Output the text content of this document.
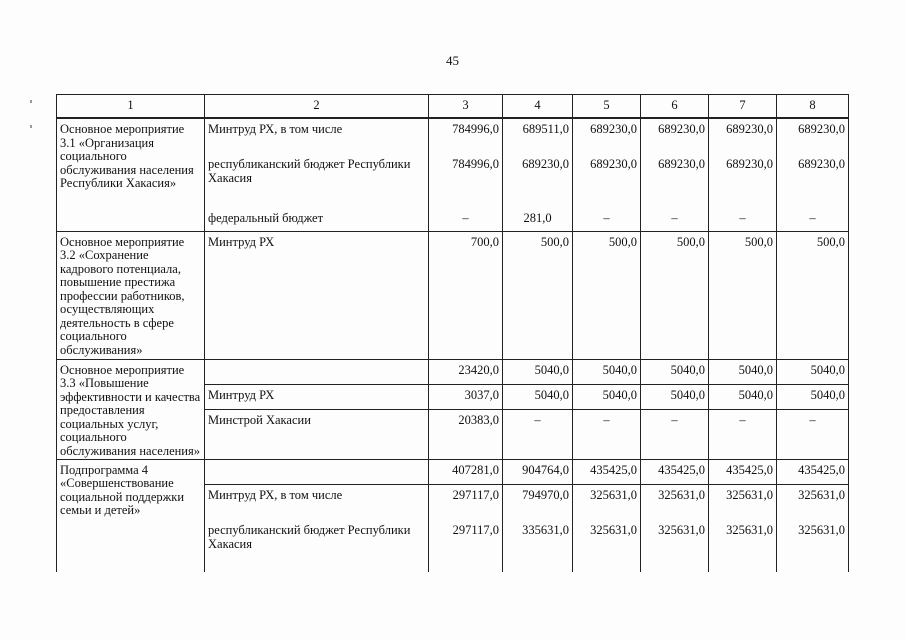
45
1	2	3	4	5	6	7	8
Основное мероприятие 3.1 «Организация социального обслуживания населения Республики Хакасия»	Минтруд РХ, в том числе	784996,0	689511,0	689230,0	689230,0	689230,0	689230,0
	республиканский бюджет Республики Хакасия	784996,0	689230,0	689230,0	689230,0	689230,0	689230,0
	федеральный бюджет	–	281,0	–	–	–	–
Основное мероприятие 3.2 «Сохранение кадрового потенциала, повышение престижа профессии работников, осуществляющих деятельность в сфере социального обслуживания»	Минтруд РХ	700,0	500,0	500,0	500,0	500,0	500,0
Основное мероприятие 3.3 «Повышение эффективности и качества предоставления социальных услуг, социального обслуживания населения»		23420,0	5040,0	5040,0	5040,0	5040,0	5040,0
	Минтруд РХ	3037,0	5040,0	5040,0	5040,0	5040,0	5040,0
	Минстрой Хакасии	20383,0	–	–	–	–	–
Подпрограмма 4 «Совершенствование социальной поддержки семьи и детей»		407281,0	904764,0	435425,0	435425,0	435425,0	435425,0
	Минтруд РХ, в том числе	297117,0	794970,0	325631,0	325631,0	325631,0	325631,0
	республиканский бюджет Республики Хакасия	297117,0	335631,0	325631,0	325631,0	325631,0	325631,0
